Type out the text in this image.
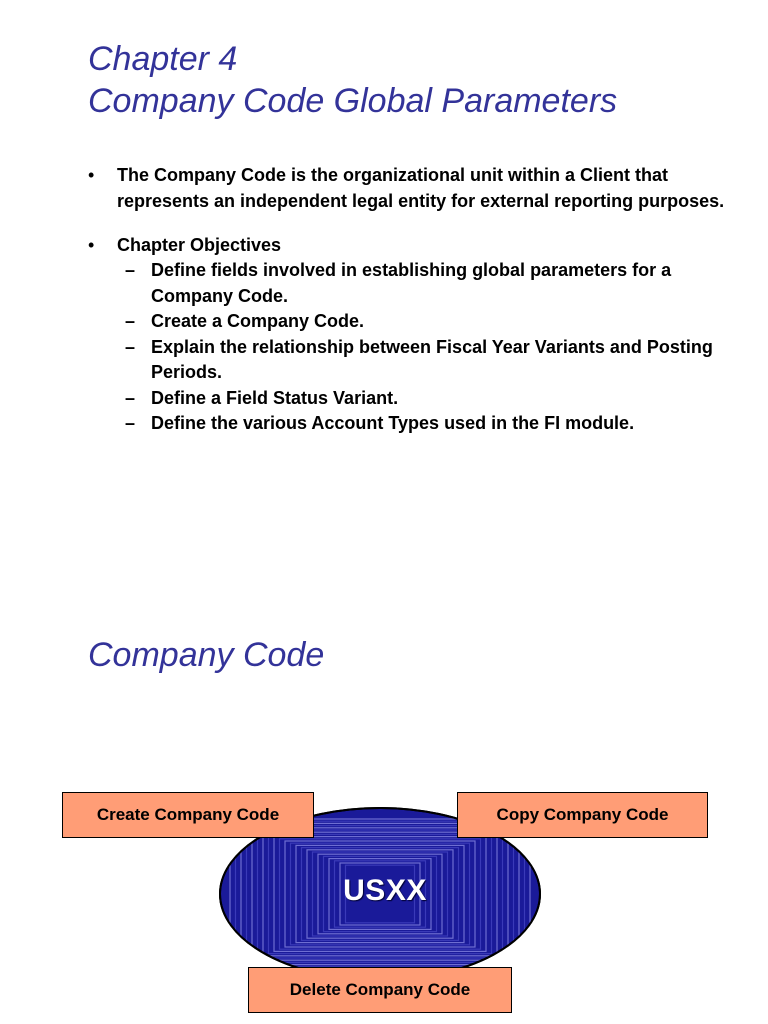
Chapter 4
Company Code Global Parameters
• The Company Code is the organizational unit within a Client that represents an independent legal entity for external reporting purposes.
• Chapter Objectives
– Define fields involved in establishing global parameters for a Company Code.
– Create a Company Code.
– Explain the relationship between Fiscal Year Variants and Posting Periods.
– Define a Field Status Variant.
– Define the various Account Types used in the FI module.
Company Code
USXX
Create Company Code	Copy Company Code
Delete Company Code
